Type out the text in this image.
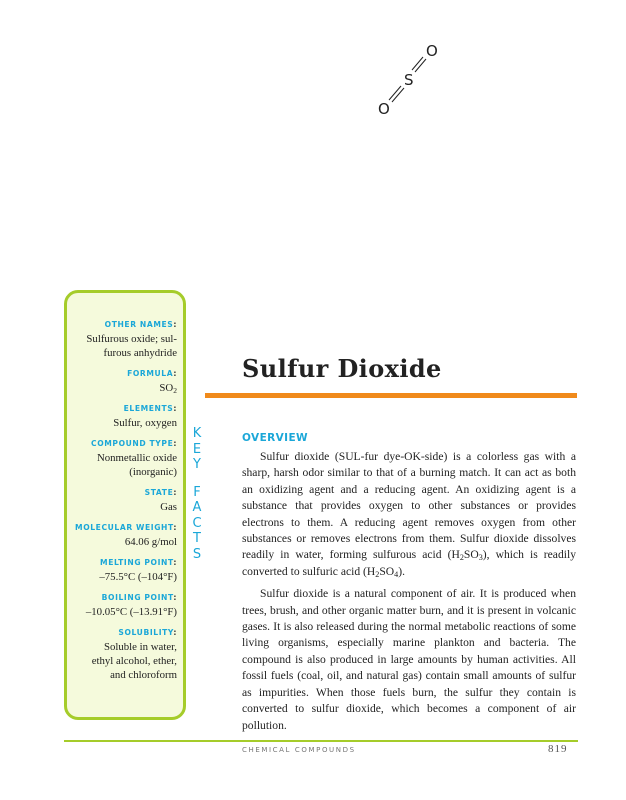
O
S
O
OTHER NAMES:
Sulfurous oxide; sul-
furous anhydride
FORMULA:
$SO_2$
ELEMENTS:
Sulfur, oxygen
COMPOUND TYPE:
Nonmetallic oxide
(inorganic)
STATE:
Gas
MOLECULAR WEIGHT:
64.06 g/mol
MELTING POINT:
–75.5°C (–104°F)
BOILING POINT:
–10.05°C (–13.91°F)
SOLUBILITY:
Soluble in water,
ethyl alcohol, ether,
and chloroform
K
E
Y
F
A
C
T
S
Sulfur Dioxide
OVERVIEW

Sulfur dioxide (SUL-fur dye-OK-side) is a colorless gas with a sharp, harsh odor similar to that of a burning match. It can act as both an oxidizing agent and a reducing agent. An oxidizing agent is a substance that provides oxygen to other substances or provides electrons to them. A reducing agent removes oxygen from other substances or removes electrons from them. Sulfur dioxide dissolves readily in water, forming sulfurous acid $(H_2SO_3)$, which is readily converted to sulfuric acid $(H_2SO_4)$.

Sulfur dioxide is a natural component of air. It is produced when trees, brush, and other organic matter burn, and it is present in volcanic gases. It is also released during the normal metabolic reactions of some living organisms, especially marine plankton and bacteria. The compound is also produced in large amounts by human activities. All fossil fuels (coal, oil, and natural gas) contain small amounts of sulfur as impurities. When those fuels burn, the sulfur they contain is converted to sulfur dioxide, which becomes a component of air pollution.

CHEMICAL COMPOUNDS	819
